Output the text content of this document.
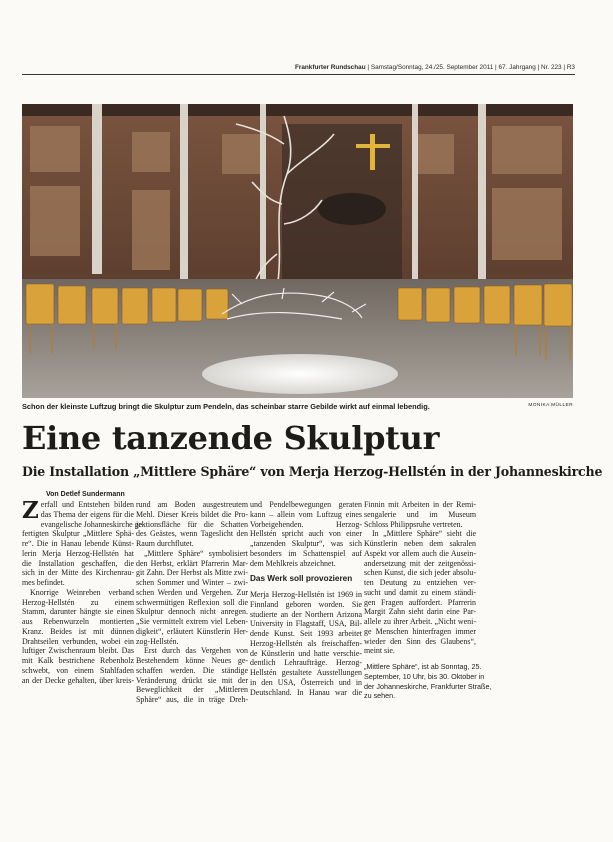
Frankfurter Rundschau | Samstag/Sonntag, 24./25. September 2011 | 67. Jahrgang | Nr. 223 | R3
Schon der kleinste Luftzug bringt die Skulptur zum Pendeln, das scheinbar starre Gebilde wirkt auf einmal lebendig.	MONIKA MÜLLER
Eine tanzende Skulptur
Die Installation „Mittlere Sphäre“ von Merja Herzog-Hellstén in der Johanneskirche
Von Detlef Sundermann
Z erfall und Entstehen bilden
das Thema der eigens für die
evangelische Johanneskirche ge-
fertigten Skulptur „Mittlere Sphä-
re“. Die in Hanau lebende Künst-
lerin Merja Herzog-Hellstén hat
die Installation geschaffen, die
sich in der Mitte des Kirchenrau-
mes befindet.
Knorrige Weinreben verband
Herzog-Hellstén zu einem
Stamm, darunter hängte sie einen
aus Rebenwurzeln montierten
Kranz. Beides ist mit dünnen
Drahtseilen verbunden, wobei ein
luftiger Zwischenraum bleibt. Das
mit Kalk bestrichene Rebenholz
schwebt, von einem Stahlfaden
an der Decke gehalten, über kreis-
rund am Boden ausgestreutem
Mehl. Dieser Kreis bildet die Pro-
jektionsfläche für die Schatten
des Geästes, wenn Tageslicht den
Raum durchflutet.
„Mittlere Sphäre“ symbolisiert
den Herbst, erklärt Pfarrerin Mar-
git Zahn. Der Herbst als Mitte zwi-
schen Sommer und Winter – zwi-
schen Werden und Vergehen. Zur
schwermütigen Reflexion soll die
Skulptur dennoch nicht anregen.
„Sie vermittelt extrem viel Leben-
digkeit“, erläutert Künstlerin Her-
zog-Hellstén.
Erst durch das Vergehen von
Bestehendem könne Neues ge-
schaffen werden. Die ständige
Veränderung drückt sie mit der
Beweglichkeit der „Mittleren
Sphäre“ aus, die in träge Dreh-
und Pendelbewegungen geraten
kann – allein vom Luftzug eines
Vorbeigehenden. Herzog-
Hellstén spricht auch von einer
„tanzenden Skulptur“, was sich
besonders im Schattenspiel auf
dem Mehlkreis abzeichnet.
Das Werk soll provozieren
Merja Herzog-Hellstén ist 1969 in
Finnland geboren worden. Sie
studierte an der Northern Arizona
University in Flagstaff, USA, Bil-
dende Kunst. Seit 1993 arbeitet
Herzog-Hellstén als freischaffen-
de Künstlerin und hatte verschie-
dentlich Lehraufträge. Herzog-
Hellstén gestaltete Ausstellungen
in den USA, Österreich und in
Deutschland. In Hanau war die
Finnin mit Arbeiten in der Remi-
sengalerie und im Museum
Schloss Philippsruhe vertreten.
In „Mittlere Sphäre“ sieht die
Künstlerin neben dem sakralen
Aspekt vor allem auch die Ausein-
andersetzung mit der zeitgenössi-
schen Kunst, die sich jeder absolu-
ten Deutung zu entziehen ver-
sucht und damit zu einem ständi-
gen Fragen auffordert. Pfarrerin
Margit Zahn sieht darin eine Par-
allele zu ihrer Arbeit. „Nicht weni-
ge Menschen hinterfragen immer
wieder den Sinn des Glaubens“,
meint sie.
„Mittlere Sphäre“, ist ab Sonntag, 25.
September, 10 Uhr, bis 30. Oktober in
der Johanneskirche, Frankfurter Straße,
zu sehen.
